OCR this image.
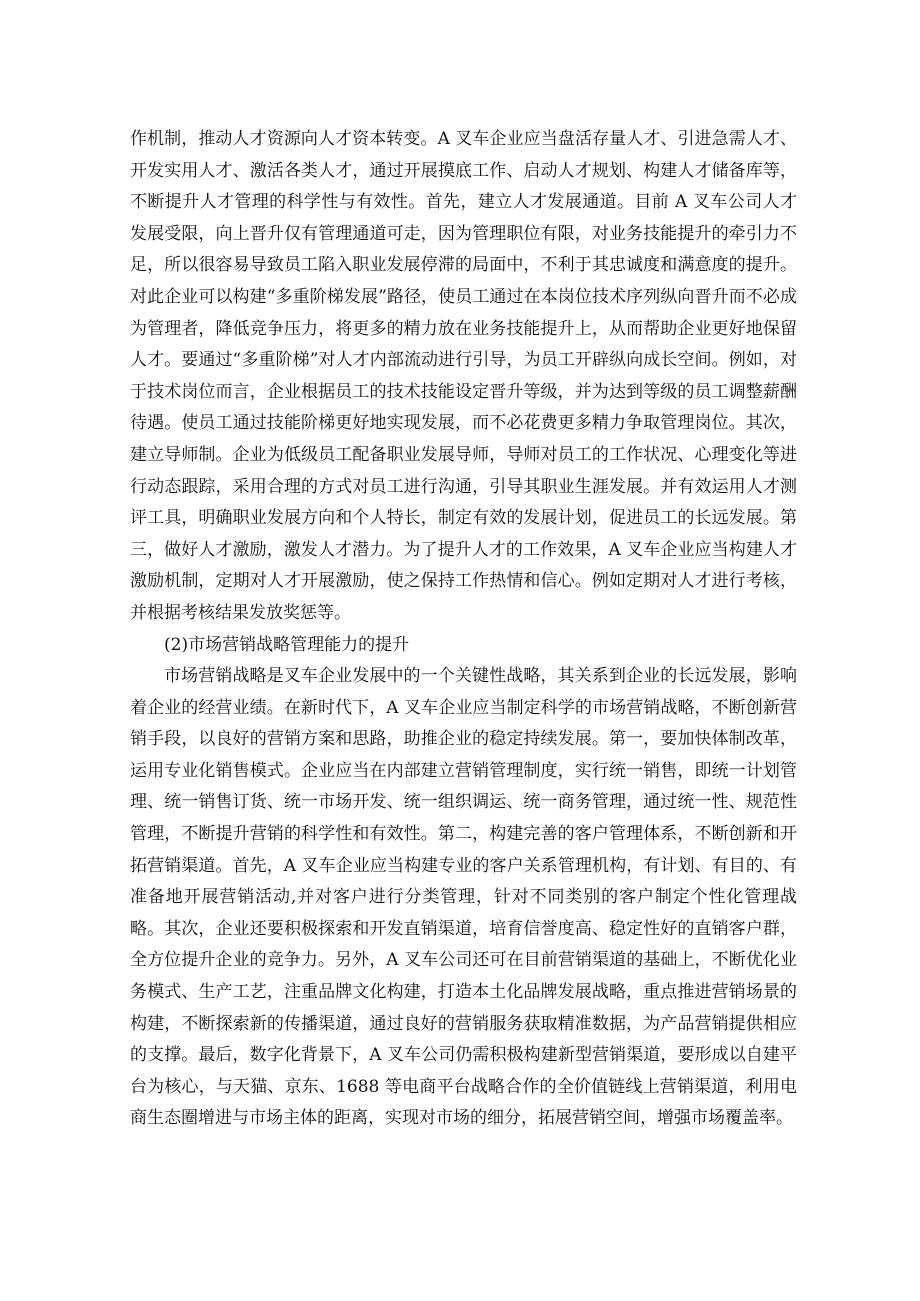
作机制，推动人才资源向人才资本转变。A 叉车企业应当盘活存量人才、引进急需人才、开发实用人才、激活各类人才，通过开展摸底工作、启动人才规划、构建人才储备库等，不断提升人才管理的科学性与有效性。首先，建立人才发展通道。目前 A 叉车公司人才发展受限，向上晋升仅有管理通道可走，因为管理职位有限，对业务技能提升的牵引力不足，所以很容易导致员工陷入职业发展停滞的局面中，不利于其忠诚度和满意度的提升。对此企业可以构建“多重阶梯发展”路径，使员工通过在本岗位技术序列纵向晋升而不必成为管理者，降低竞争压力，将更多的精力放在业务技能提升上，从而帮助企业更好地保留人才。要通过“多重阶梯”对人才内部流动进行引导，为员工开辟纵向成长空间。例如，对于技术岗位而言，企业根据员工的技术技能设定晋升等级，并为达到等级的员工调整薪酬待遇。使员工通过技能阶梯更好地实现发展，而不必花费更多精力争取管理岗位。其次，建立导师制。企业为低级员工配备职业发展导师，导师对员工的工作状况、心理变化等进行动态跟踪，采用合理的方式对员工进行沟通，引导其职业生涯发展。并有效运用人才测评工具，明确职业发展方向和个人特长，制定有效的发展计划，促进员工的长远发展。第三，做好人才激励，激发人才潜力。为了提升人才的工作效果，A 叉车企业应当构建人才激励机制，定期对人才开展激励，使之保持工作热情和信心。例如定期对人才进行考核，并根据考核结果发放奖惩等。

(2)市场营销战略管理能力的提升

市场营销战略是叉车企业发展中的一个关键性战略，其关系到企业的长远发展，影响着企业的经营业绩。在新时代下，A 叉车企业应当制定科学的市场营销战略，不断创新营销手段，以良好的营销方案和思路，助推企业的稳定持续发展。第一，要加快体制改革，运用专业化销售模式。企业应当在内部建立营销管理制度，实行统一销售，即统一计划管理、统一销售订货、统一市场开发、统一组织调运、统一商务管理，通过统一性、规范性管理，不断提升营销的科学性和有效性。第二，构建完善的客户管理体系，不断创新和开拓营销渠道。首先，A 叉车企业应当构建专业的客户关系管理机构，有计划、有目的、有准备地开展营销活动,并对客户进行分类管理，针对不同类别的客户制定个性化管理战略。其次，企业还要积极探索和开发直销渠道，培育信誉度高、稳定性好的直销客户群，全方位提升企业的竞争力。另外，A 叉车公司还可在目前营销渠道的基础上，不断优化业务模式、生产工艺，注重品牌文化构建，打造本土化品牌发展战略，重点推进营销场景的构建，不断探索新的传播渠道，通过良好的营销服务获取精准数据，为产品营销提供相应的支撑。最后，数字化背景下，A 叉车公司仍需积极构建新型营销渠道，要形成以自建平台为核心，与天猫、京东、1688 等电商平台战略合作的全价值链线上营销渠道，利用电商生态圈增进与市场主体的距离，实现对市场的细分，拓展营销空间，增强市场覆盖率。
